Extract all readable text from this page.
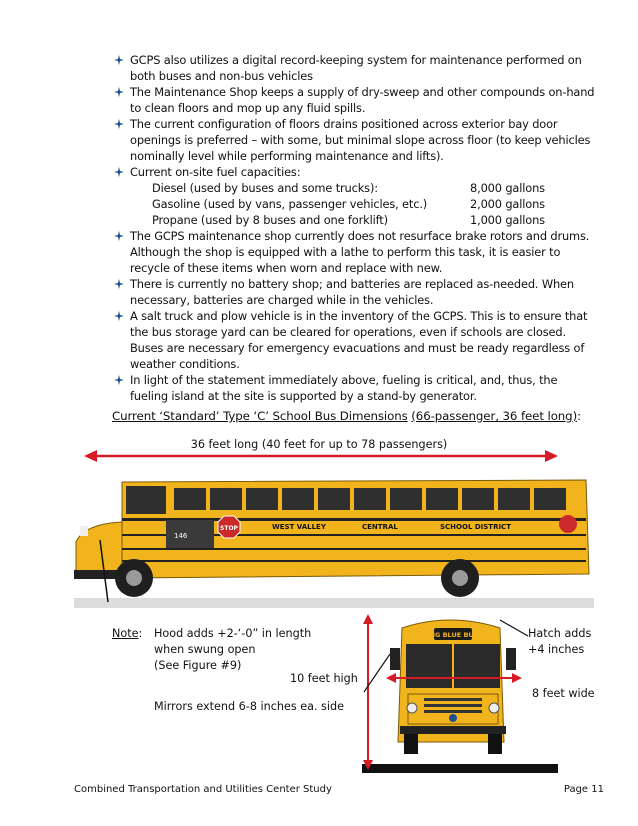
GCPS also utilizes a digital record-keeping system for maintenance performed on both buses and non-bus vehicles
The Maintenance Shop keeps a supply of dry-sweep and other compounds on-hand to clean floors and mop up any fluid spills.
The current configuration of floors drains positioned across exterior bay door openings is preferred – with some, but minimal slope across floor (to keep vehicles nominally level while performing maintenance and lifts).
Current on-site fuel capacities:
Diesel (used by buses and some trucks):	8,000 gallons
Gasoline (used by vans, passenger vehicles, etc.)	2,000 gallons
Propane (used by 8 buses and one forklift)	1,000 gallons
The GCPS maintenance shop currently does not resurface brake rotors and drums. Although the shop is equipped with a lathe to perform this task, it is easier to recycle of these items when worn and replace with new.
There is currently no battery shop; and batteries are replaced as-needed. When necessary, batteries are charged while in the vehicles.
A salt truck and plow vehicle is in the inventory of the GCPS. This is to ensure that the bus storage yard can be cleared for operations, even if schools are closed. Buses are necessary for emergency evacuations and must be ready regardless of weather conditions.
In light of the statement immediately above, fueling is critical, and, thus, the fueling island at the site is supported by a stand-by generator.
Current ‘Standard’ Type ‘C’ School Bus Dimensions (66-passenger, 36 feet long):
36 feet long (40 feet for up to 78 passengers)
146
STOP	WEST VALLEY	CENTRAL	SCHOOL DISTRICT
Note: Hood adds +2-‘-0” in length
when swung open
(See Figure #9)
Mirrors extend 6-8 inches ea. side
10 feet high
Hatch adds
+4 inches
8 feet wide
BIG BLUE BUS
Combined Transportation and Utilities Center Study	Page 11
